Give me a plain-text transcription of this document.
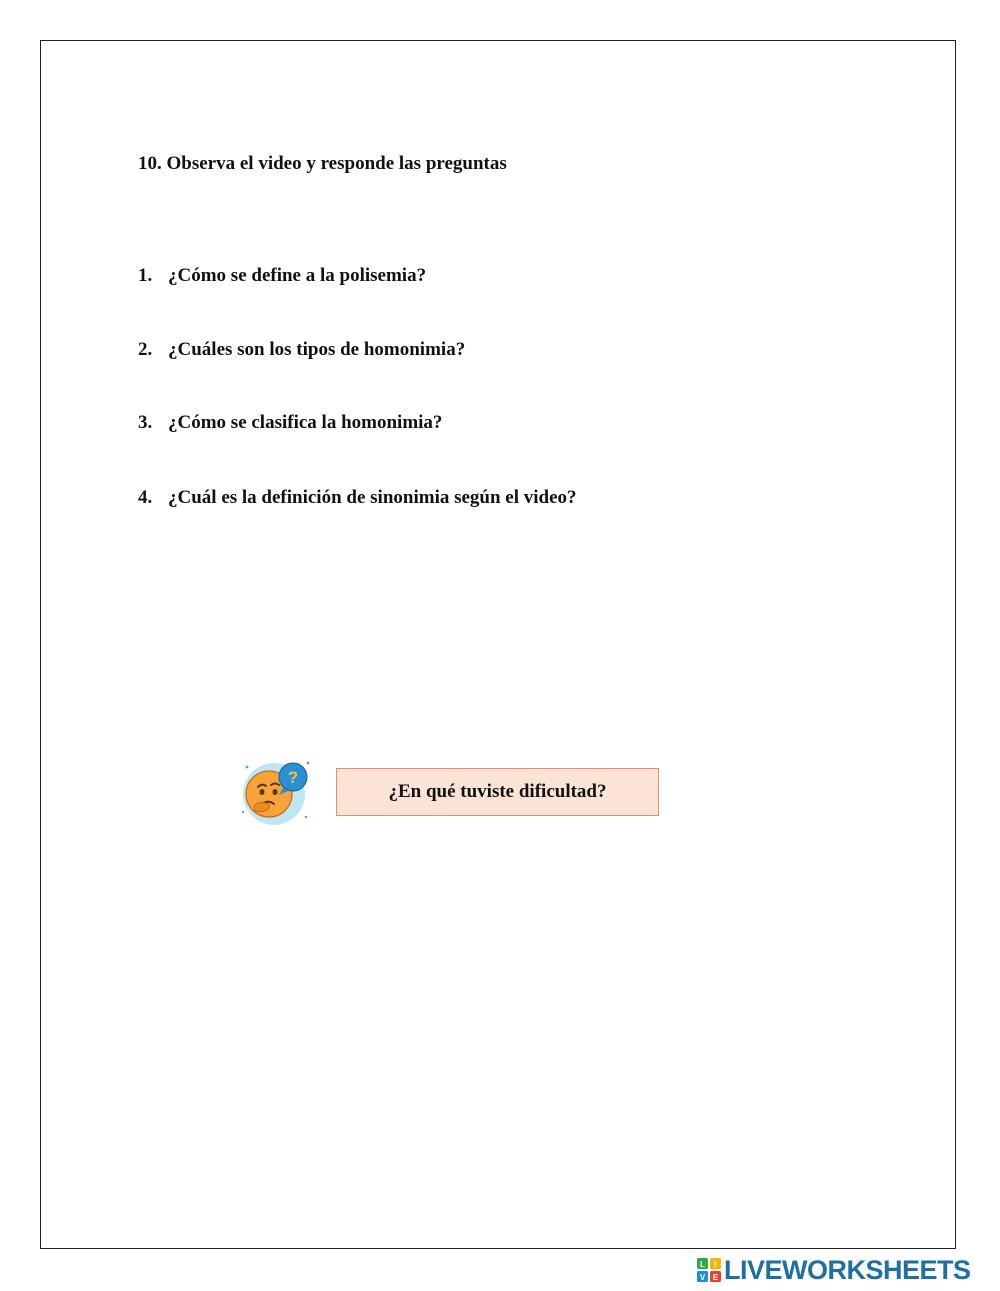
10. Observa el video y responde las preguntas
1. ¿Cómo se define a la polisemia?
2. ¿Cuáles son los tipos de homonimia?
3. ¿Cómo se clasifica la homonimia?
4. ¿Cuál es la definición de sinonimia según el video?
?
¿En qué tuviste dificultad?
L I
V E LIVEWORKSHEETS
